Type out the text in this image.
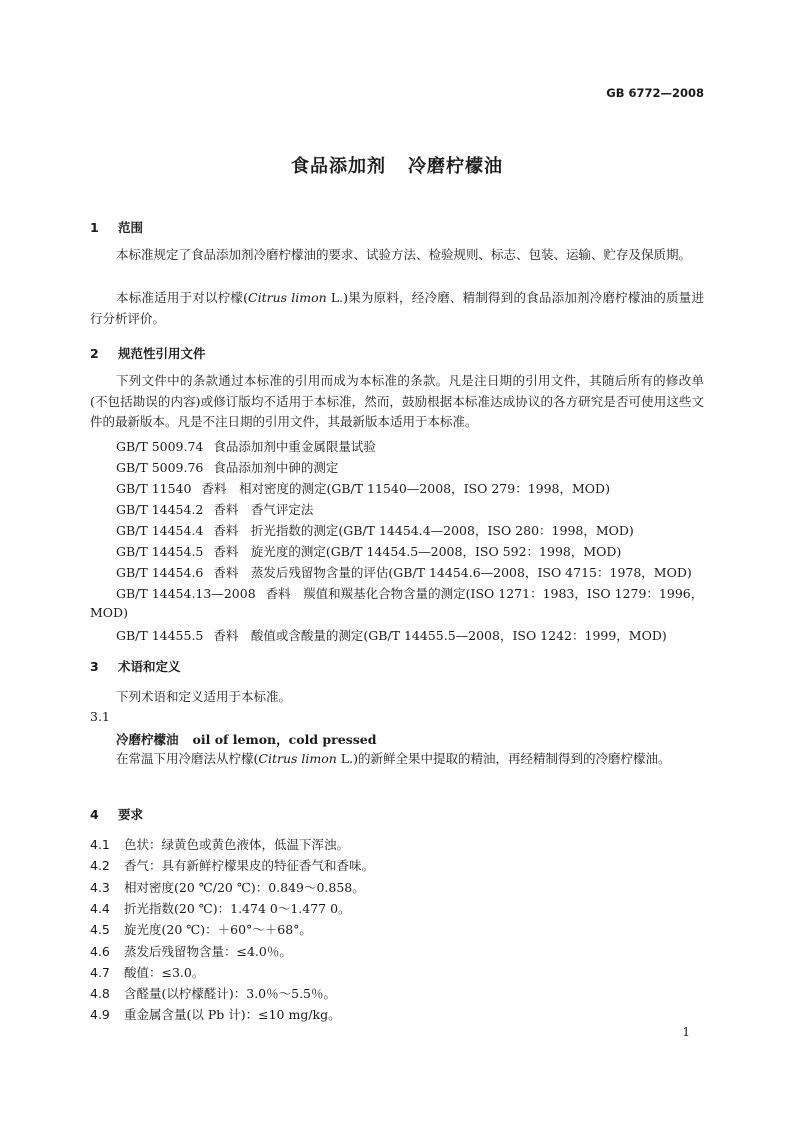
GB 6772—2008
食品添加剂 冷磨柠檬油
1 范围
本标准规定了食品添加剂冷磨柠檬油的要求、试验方法、检验规则、标志、包装、运输、贮存及保质期。
本标准适用于对以柠檬(Citrus limon L.)果为原料，经冷磨、精制得到的食品添加剂冷磨柠檬油的质量进行分析评价。
2 规范性引用文件
下列文件中的条款通过本标准的引用而成为本标准的条款。凡是注日期的引用文件，其随后所有的修改单(不包括勘误的内容)或修订版均不适用于本标准，然而，鼓励根据本标准达成协议的各方研究是否可使用这些文件的最新版本。凡是不注日期的引用文件，其最新版本适用于本标准。
GB/T 5009.74 食品添加剂中重金属限量试验
GB/T 5009.76 食品添加剂中砷的测定
GB/T 11540 香料　相对密度的测定(GB/T 11540—2008，ISO 279：1998，MOD)
GB/T 14454.2 香料　香气评定法
GB/T 14454.4 香料　折光指数的测定(GB/T 14454.4—2008，ISO 280：1998，MOD)
GB/T 14454.5 香料　旋光度的测定(GB/T 14454.5—2008，ISO 592：1998，MOD)
GB/T 14454.6 香料　蒸发后残留物含量的评估(GB/T 14454.6—2008，ISO 4715：1978，MOD)
GB/T 14454.13—2008 香料　羰值和羰基化合物含量的测定(ISO 1271：1983，ISO 1279：1996，
MOD)
GB/T 14455.5 香料　酸值或含酸量的测定(GB/T 14455.5—2008，ISO 1242：1999，MOD)
3 术语和定义
下列术语和定义适用于本标准。
3.1
冷磨柠檬油 oil of lemon，cold pressed
在常温下用冷磨法从柠檬(Citrus limon L.)的新鲜全果中提取的精油，再经精制得到的冷磨柠檬油。
4 要求
4.1 色状：绿黄色或黄色液体，低温下浑浊。
4.2 香气：具有新鲜柠檬果皮的特征香气和香味。
4.3 相对密度(20 ℃/20 ℃)：0.849～0.858。
4.4 折光指数(20 ℃)：1.474 0～1.477 0。
4.5 旋光度(20 ℃)：＋60°～＋68°。
4.6 蒸发后残留物含量：≤4.0％。
4.7 酸值：≤3.0。
4.8 含醛量(以柠檬醛计)：3.0％～5.5％。
4.9 重金属含量(以 Pb 计)：≤10 mg/kg。
1
